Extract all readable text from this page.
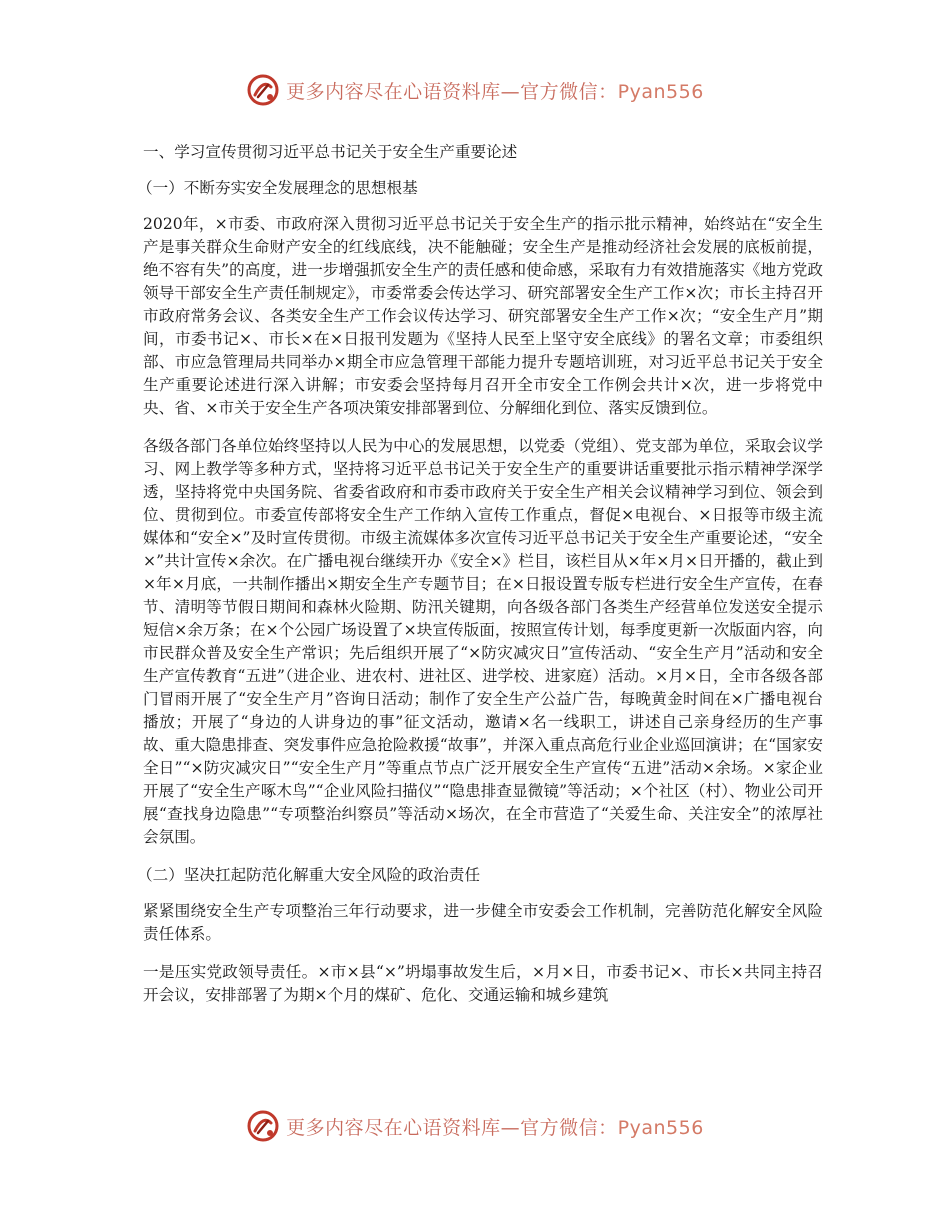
更多内容尽在心语资料库—官方微信：Pyan556
一、学习宣传贯彻习近平总书记关于安全生产重要论述
（一）不断夯实安全发展理念的思想根基

2020年，×市委、市政府深入贯彻习近平总书记关于安全生产的指示批示精神，始终站在“安全生产是事关群众生命财产安全的红线底线，决不能触碰；安全生产是推动经济社会发展的底板前提，绝不容有失”的高度，进一步增强抓安全生产的责任感和使命感，采取有力有效措施落实《地方党政领导干部安全生产责任制规定》，市委常委会传达学习、研究部署安全生产工作×次；市长主持召开市政府常务会议、各类安全生产工作会议传达学习、研究部署安全生产工作×次；“安全生产月”期间，市委书记×、市长×在×日报刊发题为《坚持人民至上坚守安全底线》的署名文章；市委组织部、市应急管理局共同举办×期全市应急管理干部能力提升专题培训班，对习近平总书记关于安全生产重要论述进行深入讲解；市安委会坚持每月召开全市安全工作例会共计×次，进一步将党中央、省、×市关于安全生产各项决策安排部署到位、分解细化到位、落实反馈到位。

各级各部门各单位始终坚持以人民为中心的发展思想，以党委（党组）、党支部为单位，采取会议学习、网上教学等多种方式，坚持将习近平总书记关于安全生产的重要讲话重要批示指示精神学深学透，坚持将党中央国务院、省委省政府和市委市政府关于安全生产相关会议精神学习到位、领会到位、贯彻到位。市委宣传部将安全生产工作纳入宣传工作重点，督促×电视台、×日报等市级主流媒体和“安全×”及时宣传贯彻。市级主流媒体多次宣传习近平总书记关于安全生产重要论述，“安全×”共计宣传×余次。在广播电视台继续开办《安全×》栏目，该栏目从×年×月×日开播的，截止到×年×月底，一共制作播出×期安全生产专题节目；在×日报设置专版专栏进行安全生产宣传，在春节、清明等节假日期间和森林火险期、防汛关键期，向各级各部门各类生产经营单位发送安全提示短信×余万条；在×个公园广场设置了×块宣传版面，按照宣传计划，每季度更新一次版面内容，向市民群众普及安全生产常识；先后组织开展了“×防灾减灾日”宣传活动、“安全生产月”活动和安全生产宣传教育“五进”（进企业、进农村、进社区、进学校、进家庭）活动。×月×日，全市各级各部门冒雨开展了“安全生产月”咨询日活动；制作了安全生产公益广告，每晚黄金时间在×广播电视台播放；开展了“身边的人讲身边的事”征文活动，邀请×名一线职工，讲述自己亲身经历的生产事故、重大隐患排查、突发事件应急抢险救援“故事”，并深入重点高危行业企业巡回演讲；在“国家安全日”“×防灾减灾日”“安全生产月”等重点节点广泛开展安全生产宣传“五进”活动×余场。×家企业开展了“安全生产啄木鸟”“企业风险扫描仪”“隐患排查显微镜”等活动；×个社区（村）、物业公司开展“查找身边隐患”“专项整治纠察员”等活动×场次，在全市营造了“关爱生命、关注安全”的浓厚社会氛围。

（二）坚决扛起防范化解重大安全风险的政治责任

紧紧围绕安全生产专项整治三年行动要求，进一步健全市安委会工作机制，完善防范化解安全风险责任体系。

一是压实党政领导责任。×市×县“×”坍塌事故发生后，×月×日，市委书记×、市长×共同主持召开会议，安排部署了为期×个月的煤矿、危化、交通运输和城乡建筑

更多内容尽在心语资料库—官方微信：Pyan556
